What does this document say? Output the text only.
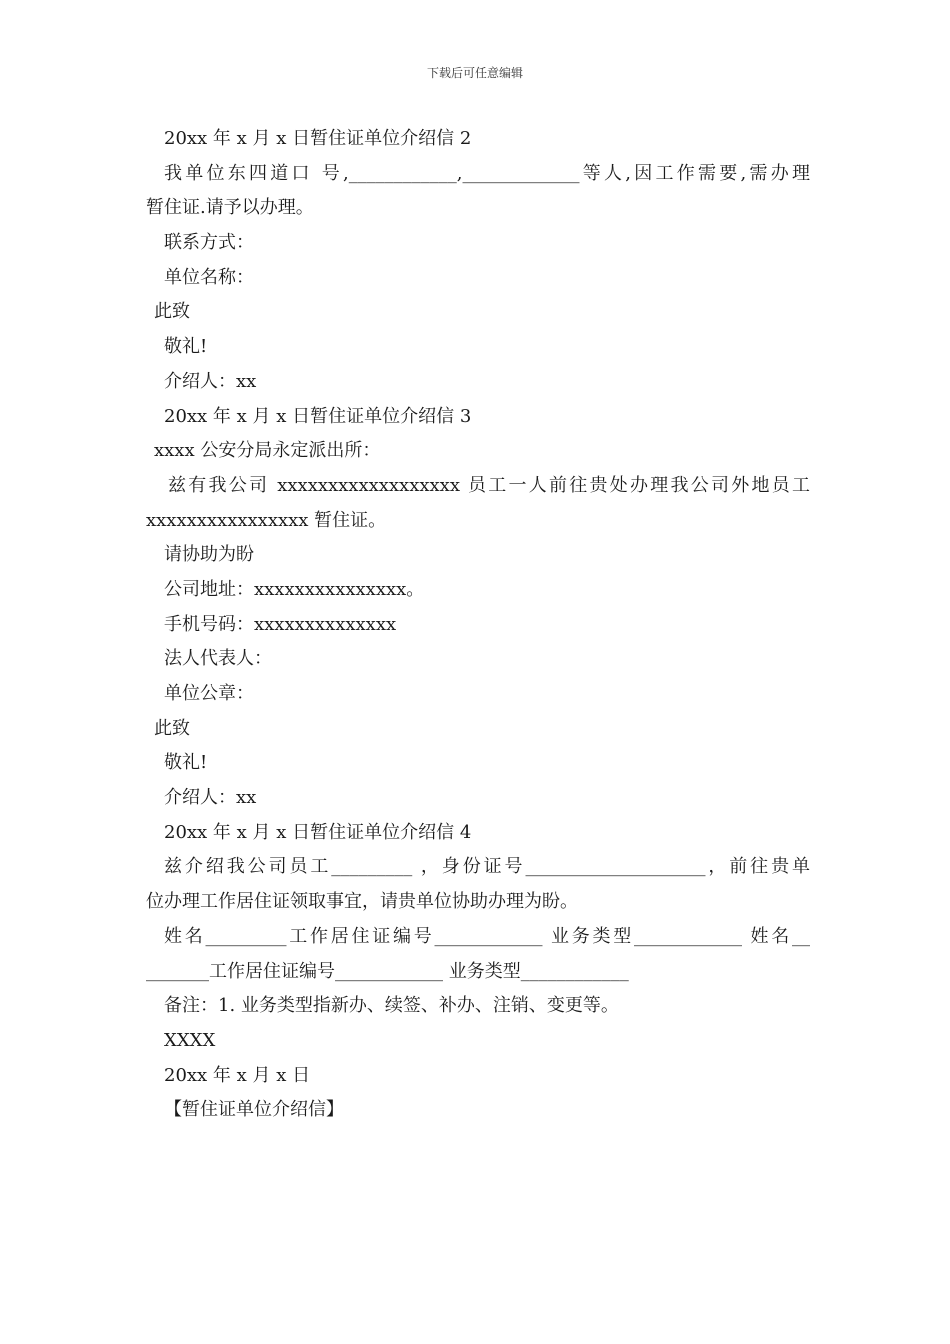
下载后可任意编辑
20xx 年 x 月 x 日暂住证单位介绍信 2
我单位东四道口 号,____________,_____________等人,因工作需要,需办理
暂住证.请予以办理。
联系方式：
单位名称：
此致
敬礼!
介绍人：xx
20xx 年 x 月 x 日暂住证单位介绍信 3
xxxx 公安分局永定派出所：
兹有我公司 xxxxxxxxxxxxxxxxxx 员工一人前往贵处办理我公司外地员工
xxxxxxxxxxxxxxxx 暂住证。
请协助为盼
公司地址：xxxxxxxxxxxxxxx。
手机号码：xxxxxxxxxxxxxx
法人代表人：
单位公章：
此致
敬礼!
介绍人：xx
20xx 年 x 月 x 日暂住证单位介绍信 4
兹介绍我公司员工_________ ，身份证号____________________，前往贵单
位办理工作居住证领取事宜，请贵单位协助办理为盼。
姓名_________工作居住证编号____________ 业务类型____________ 姓名__
_______工作居住证编号____________ 业务类型____________
备注：1. 业务类型指新办、续签、补办、注销、变更等。
XXXX
20xx 年 x 月 x 日
【暂住证单位介绍信】
